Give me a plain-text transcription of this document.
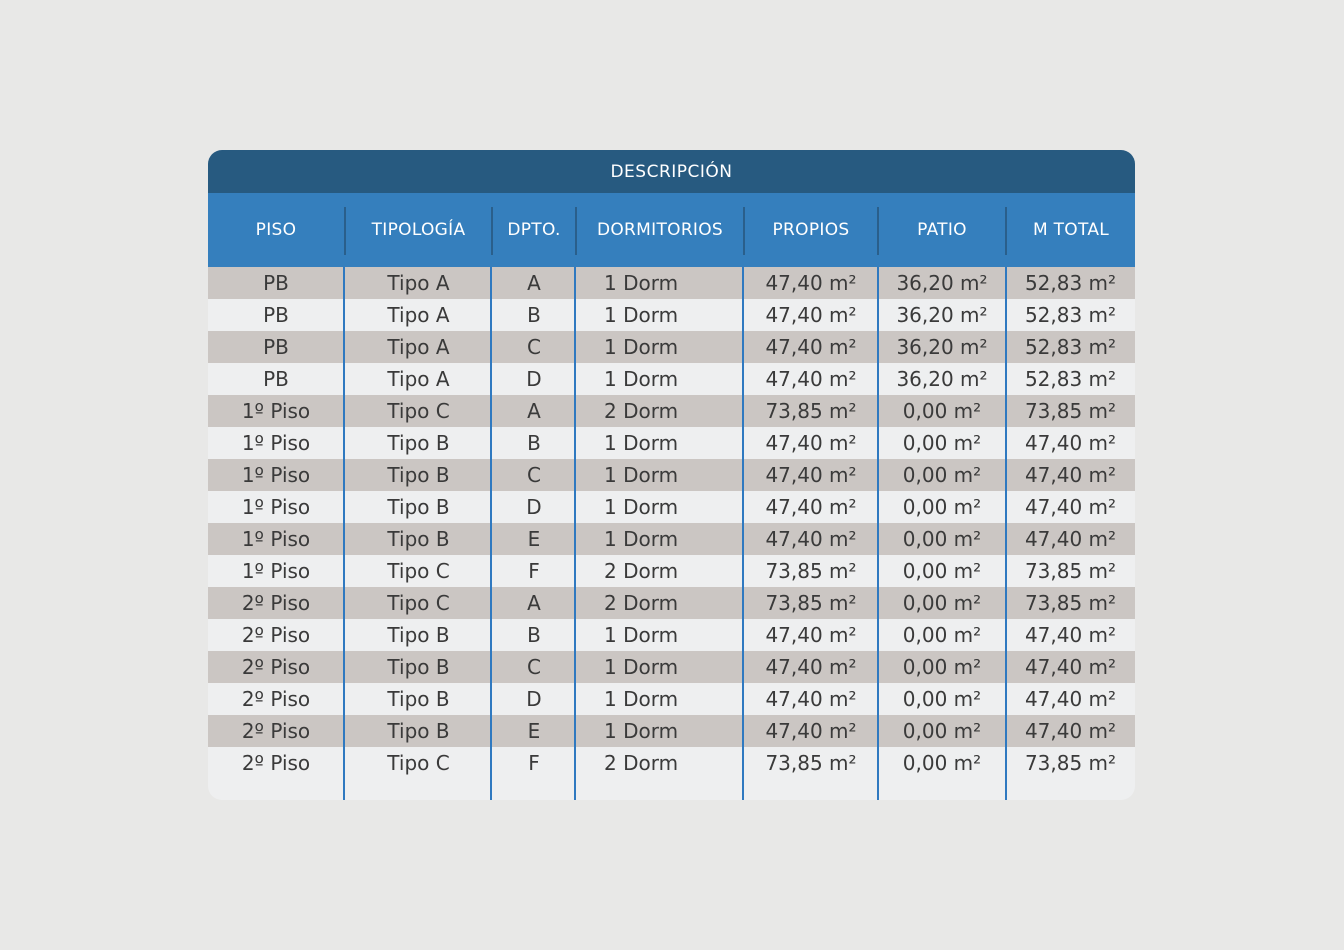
DESCRIPCIÓN
PISO	TIPOLOGÍA	DPTO.	DORMITORIOS	PROPIOS	PATIO	M TOTAL
PB	Tipo A	A	1 Dorm	47,40 m²	36,20 m²	52,83 m²
PB	Tipo A	B	1 Dorm	47,40 m²	36,20 m²	52,83 m²
PB	Tipo A	C	1 Dorm	47,40 m²	36,20 m²	52,83 m²
PB	Tipo A	D	1 Dorm	47,40 m²	36,20 m²	52,83 m²
1º Piso	Tipo C	A	2 Dorm	73,85 m²	0,00 m²	73,85 m²
1º Piso	Tipo B	B	1 Dorm	47,40 m²	0,00 m²	47,40 m²
1º Piso	Tipo B	C	1 Dorm	47,40 m²	0,00 m²	47,40 m²
1º Piso	Tipo B	D	1 Dorm	47,40 m²	0,00 m²	47,40 m²
1º Piso	Tipo B	E	1 Dorm	47,40 m²	0,00 m²	47,40 m²
1º Piso	Tipo C	F	2 Dorm	73,85 m²	0,00 m²	73,85 m²
2º Piso	Tipo C	A	2 Dorm	73,85 m²	0,00 m²	73,85 m²
2º Piso	Tipo B	B	1 Dorm	47,40 m²	0,00 m²	47,40 m²
2º Piso	Tipo B	C	1 Dorm	47,40 m²	0,00 m²	47,40 m²
2º Piso	Tipo B	D	1 Dorm	47,40 m²	0,00 m²	47,40 m²
2º Piso	Tipo B	E	1 Dorm	47,40 m²	0,00 m²	47,40 m²
2º Piso	Tipo C	F	2 Dorm	73,85 m²	0,00 m²	73,85 m²
